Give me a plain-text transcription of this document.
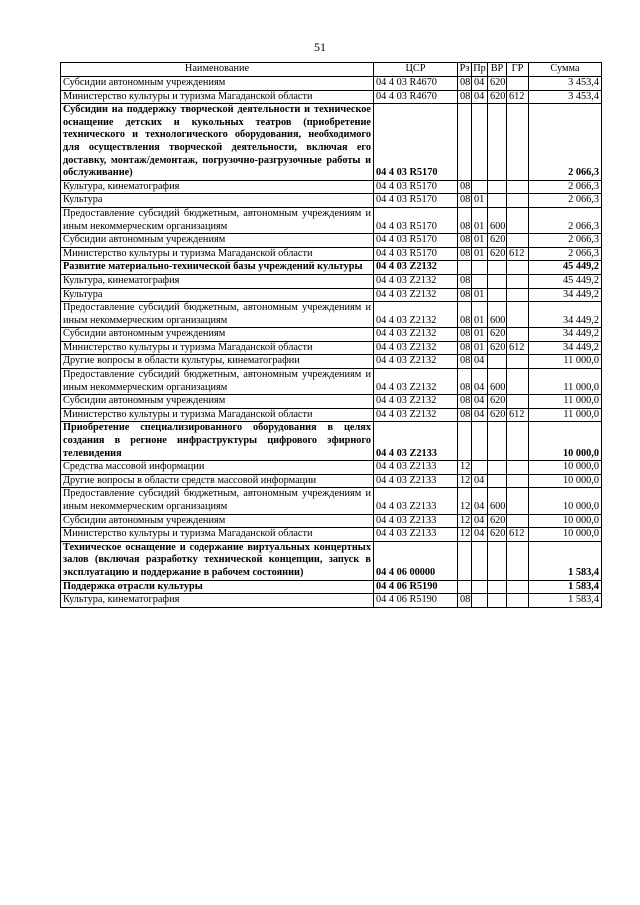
51
Наименование	ЦСР	Рз	Пр	ВР	ГР	Сумма
Субсидии автономным учреждениям	04 4 03 R4670	08	04	620		3 453,4
Министерство культуры и туризма Магаданской области	04 4 03 R4670	08	04	620	612	3 453,4
Субсидии на поддержку творческой деятельности и техническое оснащение детских и кукольных театров (приобретение технического и технологического оборудования, необходимого для осуществления творческой деятельности, включая его доставку, монтаж/демонтаж, погрузочно-разгрузочные работы и обслуживание)	04 4 03 R5170					2 066,3
Культура, кинематография	04 4 03 R5170	08				2 066,3
Культура	04 4 03 R5170	08	01			2 066,3
Предоставление субсидий бюджетным, автономным учреждениям и иным некоммерческим организациям	04 4 03 R5170	08	01	600		2 066,3
Субсидии автономным учреждениям	04 4 03 R5170	08	01	620		2 066,3
Министерство культуры и туризма Магаданской области	04 4 03 R5170	08	01	620	612	2 066,3
Развитие материально-технической базы учреждений культуры	04 4 03 Z2132					45 449,2
Культура, кинематография	04 4 03 Z2132	08				45 449,2
Культура	04 4 03 Z2132	08	01			34 449,2
Предоставление субсидий бюджетным, автономным учреждениям и иным некоммерческим организациям	04 4 03 Z2132	08	01	600		34 449,2
Субсидии автономным учреждениям	04 4 03 Z2132	08	01	620		34 449,2
Министерство культуры и туризма Магаданской области	04 4 03 Z2132	08	01	620	612	34 449,2
Другие вопросы в области культуры, кинематографии	04 4 03 Z2132	08	04			11 000,0
Предоставление субсидий бюджетным, автономным учреждениям и иным некоммерческим организациям	04 4 03 Z2132	08	04	600		11 000,0
Субсидии автономным учреждениям	04 4 03 Z2132	08	04	620		11 000,0
Министерство культуры и туризма Магаданской области	04 4 03 Z2132	08	04	620	612	11 000,0
Приобретение специализированного оборудования в целях создания в регионе инфраструктуры цифрового эфирного телевидения	04 4 03 Z2133					10 000,0
Средства массовой информации	04 4 03 Z2133	12				10 000,0
Другие вопросы в области средств массовой информации	04 4 03 Z2133	12	04			10 000,0
Предоставление субсидий бюджетным, автономным учреждениям и иным некоммерческим организациям	04 4 03 Z2133	12	04	600		10 000,0
Субсидии автономным учреждениям	04 4 03 Z2133	12	04	620		10 000,0
Министерство культуры и туризма Магаданской области	04 4 03 Z2133	12	04	620	612	10 000,0
Техническое оснащение и содержание виртуальных концертных залов (включая разработку технической концепции, запуск в эксплуатацию и поддержание в рабочем состоянии)	04 4 06 00000					1 583,4
Поддержка отрасли культуры	04 4 06 R5190					1 583,4
Культура, кинематография	04 4 06 R5190	08				1 583,4
